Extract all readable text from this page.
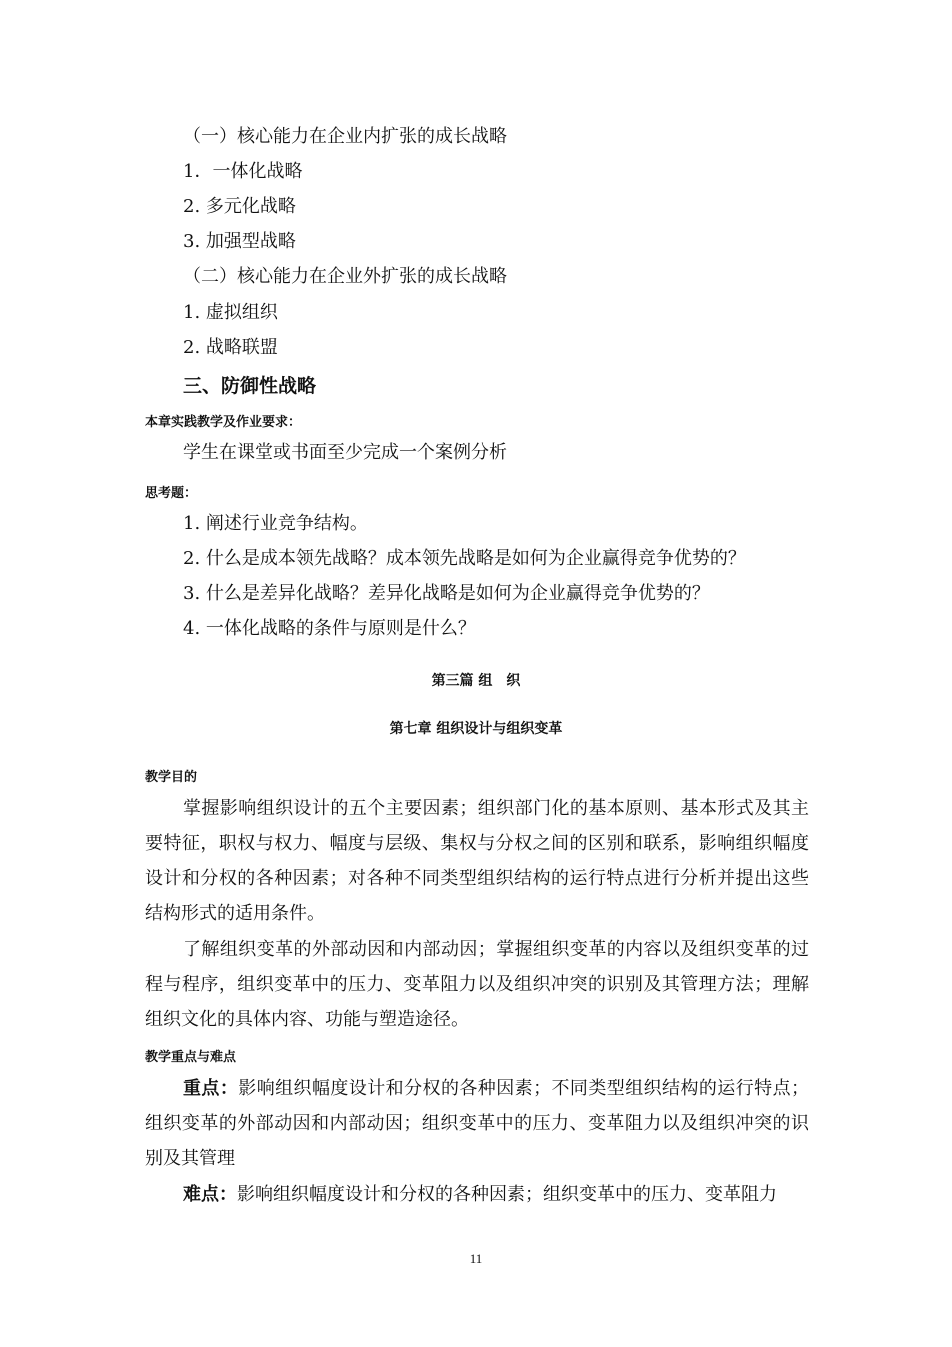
（一）核心能力在企业内扩张的成长战略
1．一体化战略
2. 多元化战略
3. 加强型战略
（二）核心能力在企业外扩张的成长战略
1. 虚拟组织
2. 战略联盟
三、防御性战略
本章实践教学及作业要求：
学生在课堂或书面至少完成一个案例分析
思考题：
1. 阐述行业竞争结构。
2. 什么是成本领先战略？成本领先战略是如何为企业赢得竞争优势的？
3. 什么是差异化战略？差异化战略是如何为企业赢得竞争优势的？
4. 一体化战略的条件与原则是什么？
第三篇 组　织
第七章 组织设计与组织变革
教学目的
掌握影响组织设计的五个主要因素；组织部门化的基本原则、基本形式及其主要特征，职权与权力、幅度与层级、集权与分权之间的区别和联系，影响组织幅度设计和分权的各种因素；对各种不同类型组织结构的运行特点进行分析并提出这些结构形式的适用条件。
了解组织变革的外部动因和内部动因；掌握组织变革的内容以及组织变革的过程与程序，组织变革中的压力、变革阻力以及组织冲突的识别及其管理方法；理解组织文化的具体内容、功能与塑造途径。
教学重点与难点
重点：影响组织幅度设计和分权的各种因素；不同类型组织结构的运行特点；组织变革的外部动因和内部动因；组织变革中的压力、变革阻力以及组织冲突的识别及其管理
难点：影响组织幅度设计和分权的各种因素；组织变革中的压力、变革阻力
11
